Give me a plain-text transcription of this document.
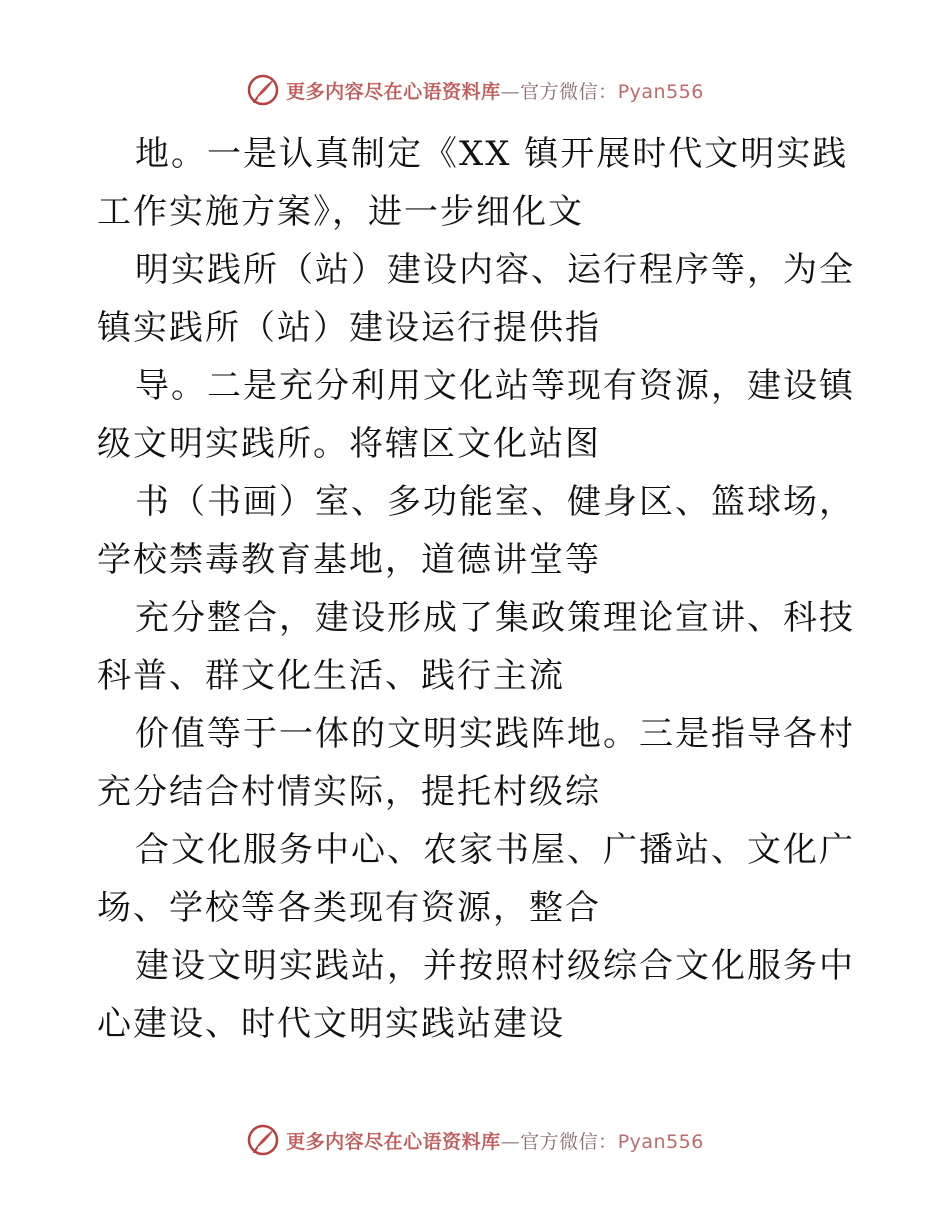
更多内容尽在心语资料库—官方微信：Pyan556

地。一是认真制定《XX 镇开展时代文明实践工作实施方案》，进一步细化文

明实践所（站）建设内容、运行程序等，为全镇实践所（站）建设运行提供指

导。二是充分利用文化站等现有资源，建设镇级文明实践所。将辖区文化站图

书（书画）室、多功能室、健身区、篮球场，学校禁毒教育基地，道德讲堂等

充分整合，建设形成了集政策理论宣讲、科技科普、群文化生活、践行主流

价值等于一体的文明实践阵地。三是指导各村充分结合村情实际，提托村级综

合文化服务中心、农家书屋、广播站、文化广场、学校等各类现有资源，整合

建设文明实践站，并按照村级综合文化服务中心建设、时代文明实践站建设

更多内容尽在心语资料库—官方微信：Pyan556
